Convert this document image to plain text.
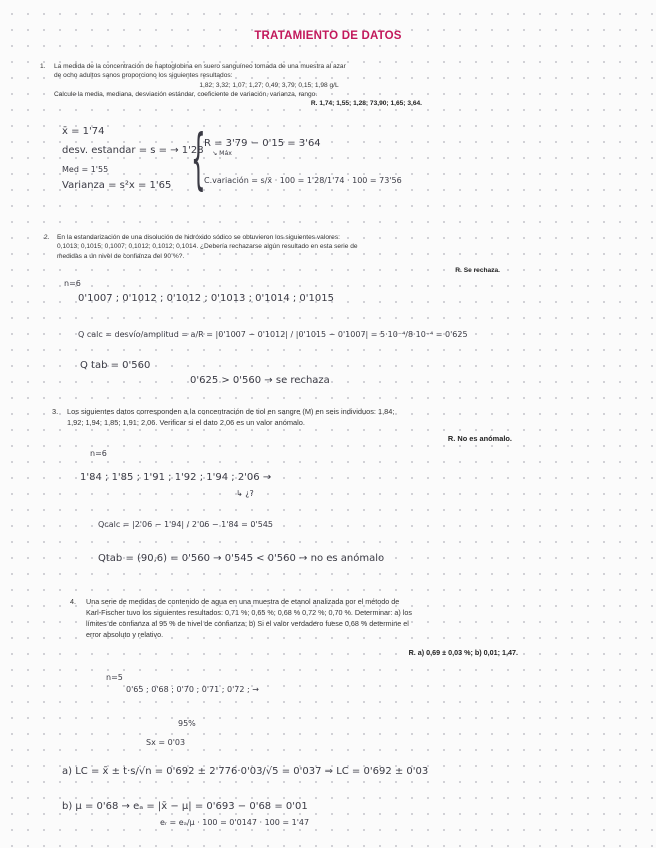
TRATAMIENTO DE DATOS
1. La medida de la concentración de haptoglobina en suero sanguíneo tomada de una muestra al azar
de ocho adultos sanos proporciono los siguientes resultados:
1,82; 3,32; 1,07; 1,27; 0,49; 3,79; 0,15; 1,98 g/L
Calcule la media, mediana, desviación estándar, coeficiente de variación, varianza, rango.
R. 1,74; 1,55; 1,28; 73,90; 1,65; 3,64.
x̄ = 1'74
desv. estandar = s = → 1'28
Med = 1'55
Varianza = s²x = 1'65 {
R = 3'79 − 0'15 = 3'64
↘ Máx
C.variación = s/x̄ · 100 = 1'28/1'74 · 100 = 73'56
2. En la estandarización de una disolución de hidróxido sódico se obtuvieron los siguientes valores:
0,1013; 0,1015; 0,1007; 0,1012; 0,1012; 0,1014. ¿Debería rechazarse algún resultado en esta serie de
medidas a un nivel de confianza del 90 %?.
R. Se rechaza.
n=6
0'1007 ; 0'1012 ; 0'1012 ; 0'1013 ; 0'1014 ; 0'1015
Q calc = desvío/amplitud = a/R = |0'1007 − 0'1012| / |0'1015 − 0'1007| = 5·10⁻⁴/8·10⁻⁴ = 0'625
Q tab = 0'560
0'625 > 0'560 → se rechaza
3. Los siguientes datos corresponden a la concentración de tiol en sangre (M) en seis individuos: 1,84;
1,92; 1,94; 1,85; 1,91; 2,06. Verificar si el dato 2,06 es un valor anómalo.
R. No es anómalo.
n=6
1'84 ; 1'85 ; 1'91 ; 1'92 ; 1'94 ; 2'06 →
↳ ¿?
Qcalc = |2'06 − 1'94| / 2'06 − 1'84 = 0'545
Qtab = (90,6) = 0'560 → 0'545 < 0'560 → no es anómalo
4. Una serie de medidas de contenido de agua en una muestra de etanol analizada por el método de
Karl-Fischer tuvo los siguientes resultados: 0,71 %; 0,65 %; 0,68 % 0,72 %; 0,70 %. Determinar: a) los
límites de confianza al 95 % de nivel de confianza; b) Si el valor verdadero fuese 0,68 % determine el
error absoluto y relativo.
R. a) 0,69 ± 0,03 %; b) 0,01; 1,47.
n=5
0'65 ; 0'68 ; 0'70 ; 0'71 ; 0'72 ; →
95%
Sx = 0'03
a) LC = x̄ ± t·s/√n = 0'692 ± 2'776·0'03/√5 = 0'037 ⇒ LC = 0'692 ± 0'03
b) μ = 0'68 → eₐ = |x̄ − μ| = 0'693 − 0'68 = 0'01
eᵣ = eₐ/μ · 100 = 0'0147 · 100 = 1'47
